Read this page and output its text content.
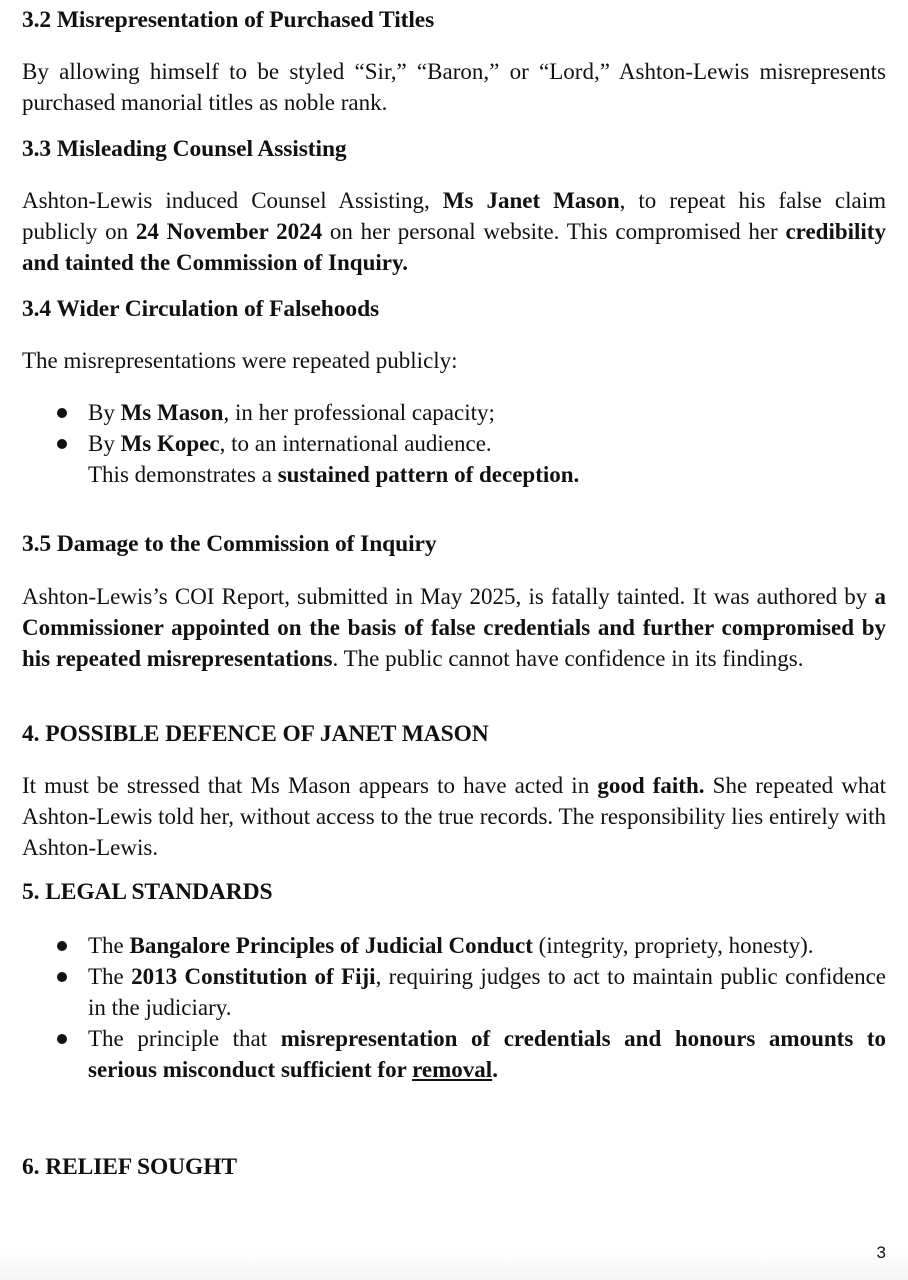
3.2 Misrepresentation of Purchased Titles

By allowing himself to be styled “Sir,” “Baron,” or “Lord,” Ashton-Lewis misrepresents purchased manorial titles as noble rank.

3.3 Misleading Counsel Assisting

Ashton-Lewis induced Counsel Assisting, Ms Janet Mason, to repeat his false claim publicly on 24 November 2024 on her personal website. This compromised her credibility and tainted the Commission of Inquiry.

3.4 Wider Circulation of Falsehoods

The misrepresentations were repeated publicly:

By Ms Mason, in her professional capacity;
By Ms Kopec, to an international audience.
This demonstrates a sustained pattern of deception.
3.5 Damage to the Commission of Inquiry

Ashton-Lewis’s COI Report, submitted in May 2025, is fatally tainted. It was authored by a Commissioner appointed on the basis of false credentials and further compromised by his repeated misrepresentations. The public cannot have confidence in its findings.

4. POSSIBLE DEFENCE OF JANET MASON

It must be stressed that Ms Mason appears to have acted in good faith. She repeated what Ashton-Lewis told her, without access to the true records. The responsibility lies entirely with Ashton-Lewis.

5. LEGAL STANDARDS
The Bangalore Principles of Judicial Conduct (integrity, propriety, honesty).
The 2013 Constitution of Fiji, requiring judges to act to maintain public confidence in the judiciary.
The principle that misrepresentation of credentials and honours amounts to serious misconduct sufficient for removal.
6. RELIEF SOUGHT
3
